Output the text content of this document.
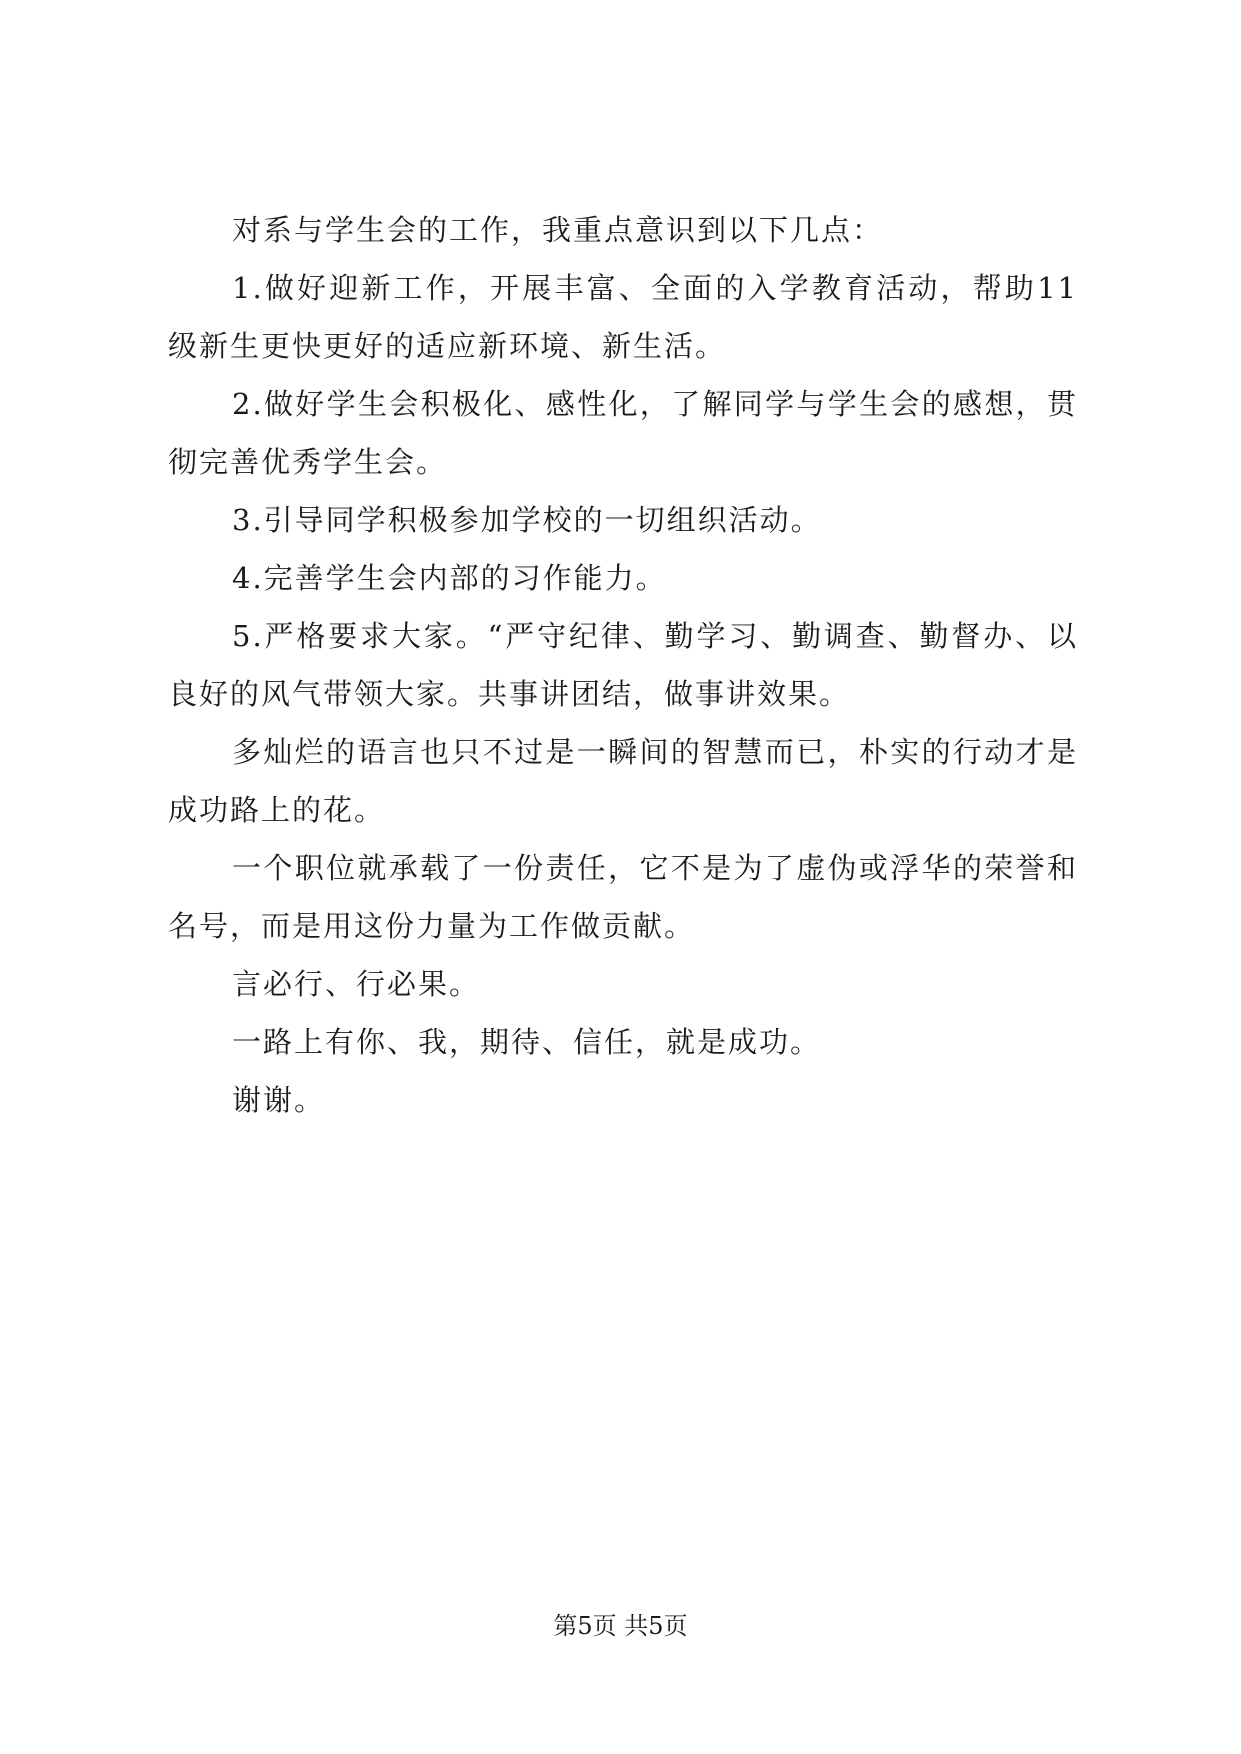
对系与学生会的工作，我重点意识到以下几点：

1.做好迎新工作，开展丰富、全面的入学教育活动，帮助11级新生更快更好的适应新环境、新生活。

2.做好学生会积极化、感性化，了解同学与学生会的感想，贯彻完善优秀学生会。

3.引导同学积极参加学校的一切组织活动。

4.完善学生会内部的习作能力。

5.严格要求大家。“严守纪律、勤学习、勤调查、勤督办、以良好的风气带领大家。共事讲团结，做事讲效果。

多灿烂的语言也只不过是一瞬间的智慧而已，朴实的行动才是成功路上的花。

一个职位就承载了一份责任，它不是为了虚伪或浮华的荣誉和名号，而是用这份力量为工作做贡献。

言必行、行必果。

一路上有你、我，期待、信任，就是成功。

谢谢。

第5页 共5页
